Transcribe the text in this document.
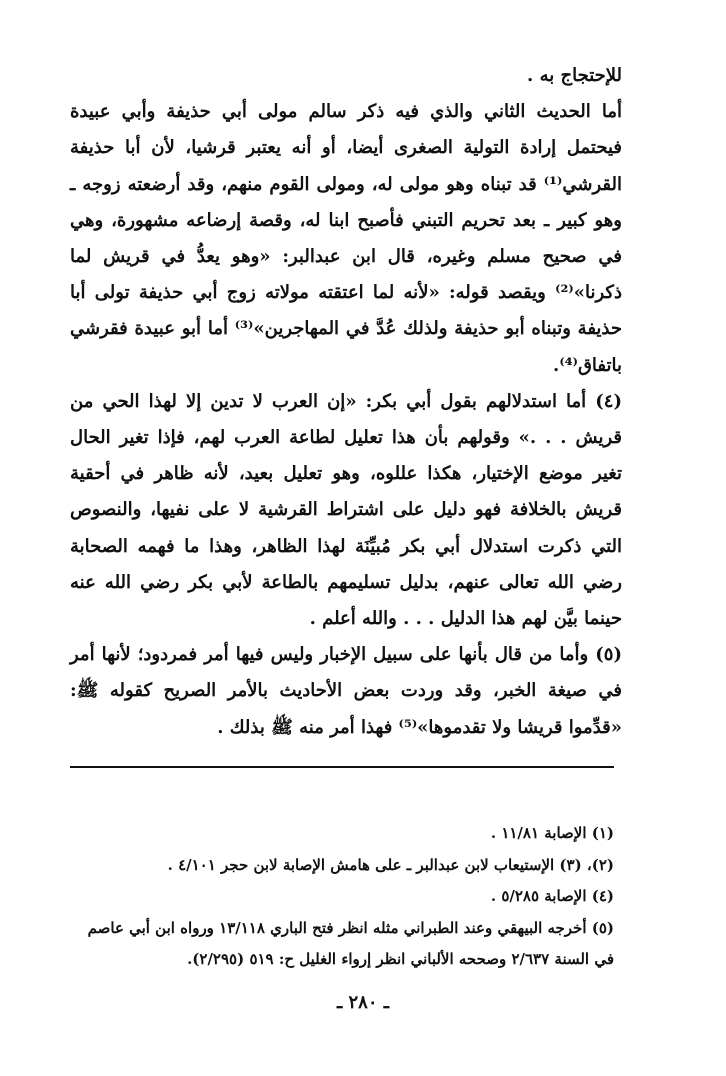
للإحتجاج به .

أما الحديث الثاني والذي فيه ذكر سالم مولى أبي حذيفة وأبي عبيدة فيحتمل إرادة التولية الصغرى أيضا، أو أنه يعتبر قرشيا، لأن أبا حذيفة القرشي⁽¹⁾ قد تبناه وهو مولى له، ومولى القوم منهم، وقد أرضعته زوجه ـ وهو كبير ـ بعد تحريم التبني فأصبح ابنا له، وقصة إرضاعه مشهورة، وهي في صحيح مسلم وغيره، قال ابن عبدالبر: «وهو يعدُّ في قريش لما ذكرنا»⁽²⁾ ويقصد قوله: «لأنه لما اعتقته مولاته زوج أبي حذيفة تولى أبا حذيفة وتبناه أبو حذيفة ولذلك عُدَّ في المهاجرين»⁽³⁾ أما أبو عبيدة فقرشي باتفاق⁽⁴⁾.

(٤) أما استدلالهم بقول أبي بكر: «إن العرب لا تدين إلا لهذا الحي من قريش . . .» وقولهم بأن هذا تعليل لطاعة العرب لهم، فإذا تغير الحال تغير موضع الإختيار، هكذا عللوه، وهو تعليل بعيد، لأنه ظاهر في أحقية قريش بالخلافة فهو دليل على اشتراط القرشية لا على نفيها، والنصوص التي ذكرت استدلال أبي بكر مُبيِّنَة لهذا الظاهر، وهذا ما فهمه الصحابة رضي الله تعالى عنهم، بدليل تسليمهم بالطاعة لأبي بكر رضي الله عنه حينما بيَّن لهم هذا الدليل . . . والله أعلم .

(٥) وأما من قال بأنها على سبيل الإخبار وليس فيها أمر فمردود؛ لأنها أمر في صيغة الخبر، وقد وردت بعض الأحاديث بالأمر الصريح كقوله ﷺ: «قدِّموا قريشا ولا تقدموها»⁽⁵⁾ فهذا أمر منه ﷺ بذلك .

(١) الإصابة ١١/٨١ .

(٢)، (٣) الإستيعاب لابن عبدالبر ـ على هامش الإصابة لابن حجر ٤/١٠١ .

(٤) الإصابة ٥/٢٨٥ .

(٥) أخرجه البيهقي وعند الطبراني مثله انظر فتح الباري ١٣/١١٨ ورواه ابن أبي عاصم في السنة ٢/٦٣٧ وصححه الألباني انظر إرواء الغليل ح: ٥١٩ (٢/٢٩٥).

ـ ٢٨٠ ـ
